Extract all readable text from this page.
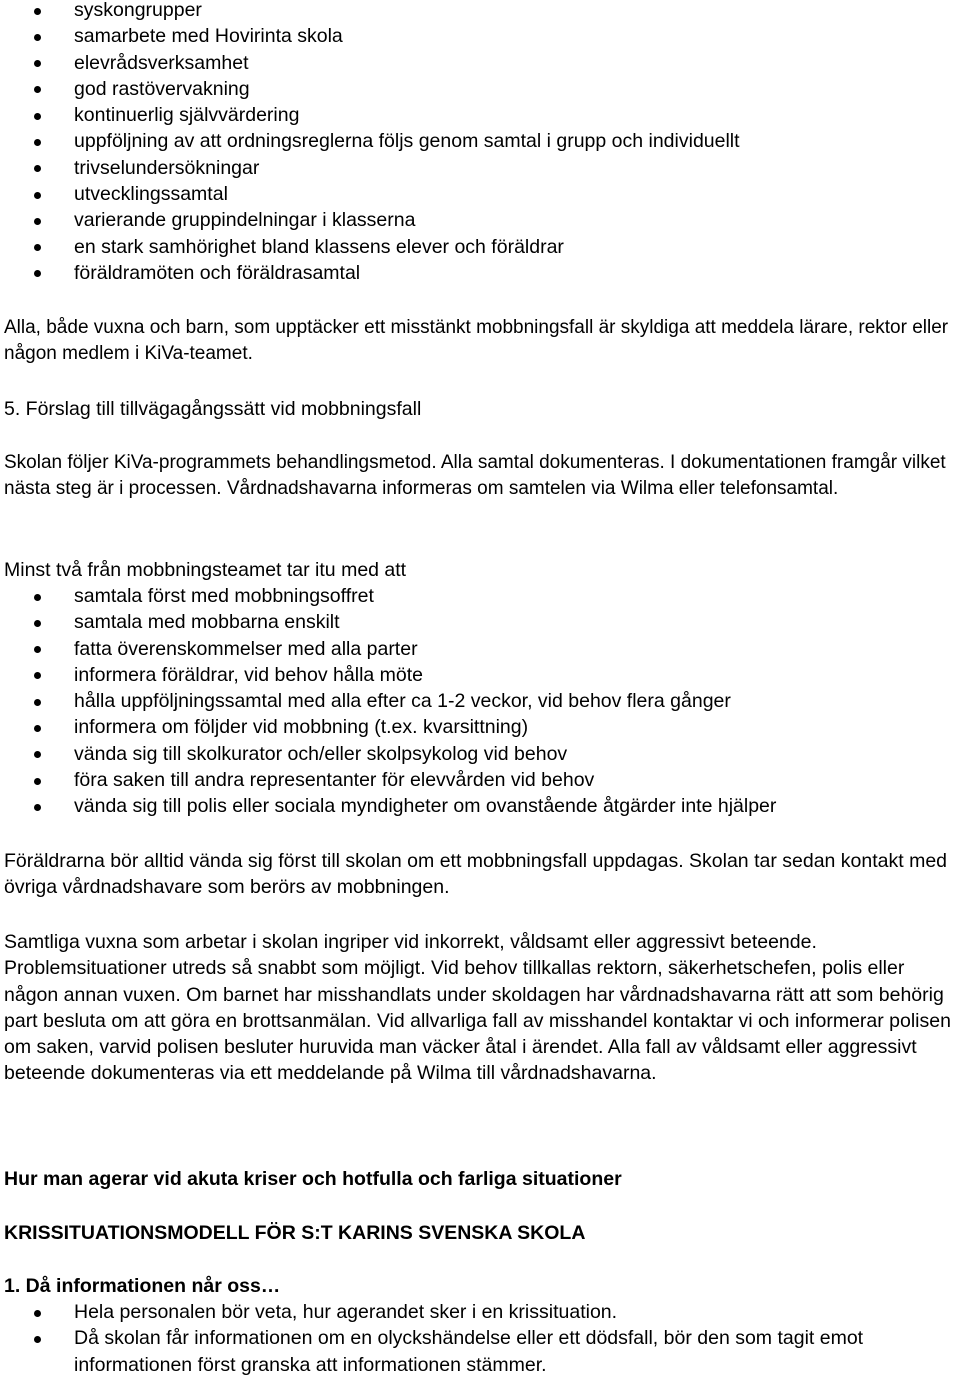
syskongrupper
samarbete med Hovirinta skola
elevrådsverksamhet
god rastövervakning
kontinuerlig självvärdering
uppföljning av att ordningsreglerna följs genom samtal i grupp och individuellt
trivselundersökningar
utvecklingssamtal
varierande gruppindelningar i klasserna
en stark samhörighet bland klassens elever och föräldrar
föräldramöten och föräldrasamtal

Alla, både vuxna och barn, som upptäcker ett misstänkt mobbningsfall är skyldiga att meddela lärare, rektor eller någon medlem i KiVa-teamet.

5. Förslag till tillvägagångssätt vid mobbningsfall

Skolan följer KiVa-programmets behandlingsmetod. Alla samtal dokumenteras. I dokumentationen framgår vilket nästa steg är i processen. Vårdnadshavarna informeras om samtelen via Wilma eller telefonsamtal.

Minst två från mobbningsteamet tar itu med att

samtala först med mobbningsoffret
samtala med mobbarna enskilt
fatta överenskommelser med alla parter
informera föräldrar, vid behov hålla möte
hålla uppföljningssamtal med alla efter ca 1-2 veckor, vid behov flera gånger
informera om följder vid mobbning (t.ex. kvarsittning)
vända sig till skolkurator och/eller skolpsykolog vid behov
föra saken till andra representanter för elevvården vid behov
vända sig till polis eller sociala myndigheter om ovanstående åtgärder inte hjälper

Föräldrarna bör alltid vända sig först till skolan om ett mobbningsfall uppdagas. Skolan tar sedan kontakt med övriga vårdnadshavare som berörs av mobbningen.

Samtliga vuxna som arbetar i skolan ingriper vid inkorrekt, våldsamt eller aggressivt beteende. Problemsituationer utreds så snabbt som möjligt. Vid behov tillkallas rektorn, säkerhetschefen, polis eller någon annan vuxen. Om barnet har misshandlats under skoldagen har vårdnadshavarna rätt att som behörig part besluta om att göra en brottsanmälan. Vid allvarliga fall av misshandel kontaktar vi och informerar polisen om saken, varvid polisen besluter huruvida man väcker åtal i ärendet. Alla fall av våldsamt eller aggressivt beteende dokumenteras via ett meddelande på Wilma till vårdnadshavarna.

Hur man agerar vid akuta kriser och hotfulla och farliga situationer

KRISSITUATIONSMODELL FÖR S:T KARINS SVENSKA SKOLA

1. Då informationen når oss…

Hela personalen bör veta, hur agerandet sker i en krissituation.
Då skolan får informationen om en olyckshändelse eller ett dödsfall, bör den som tagit emot informationen först granska att informationen stämmer.
